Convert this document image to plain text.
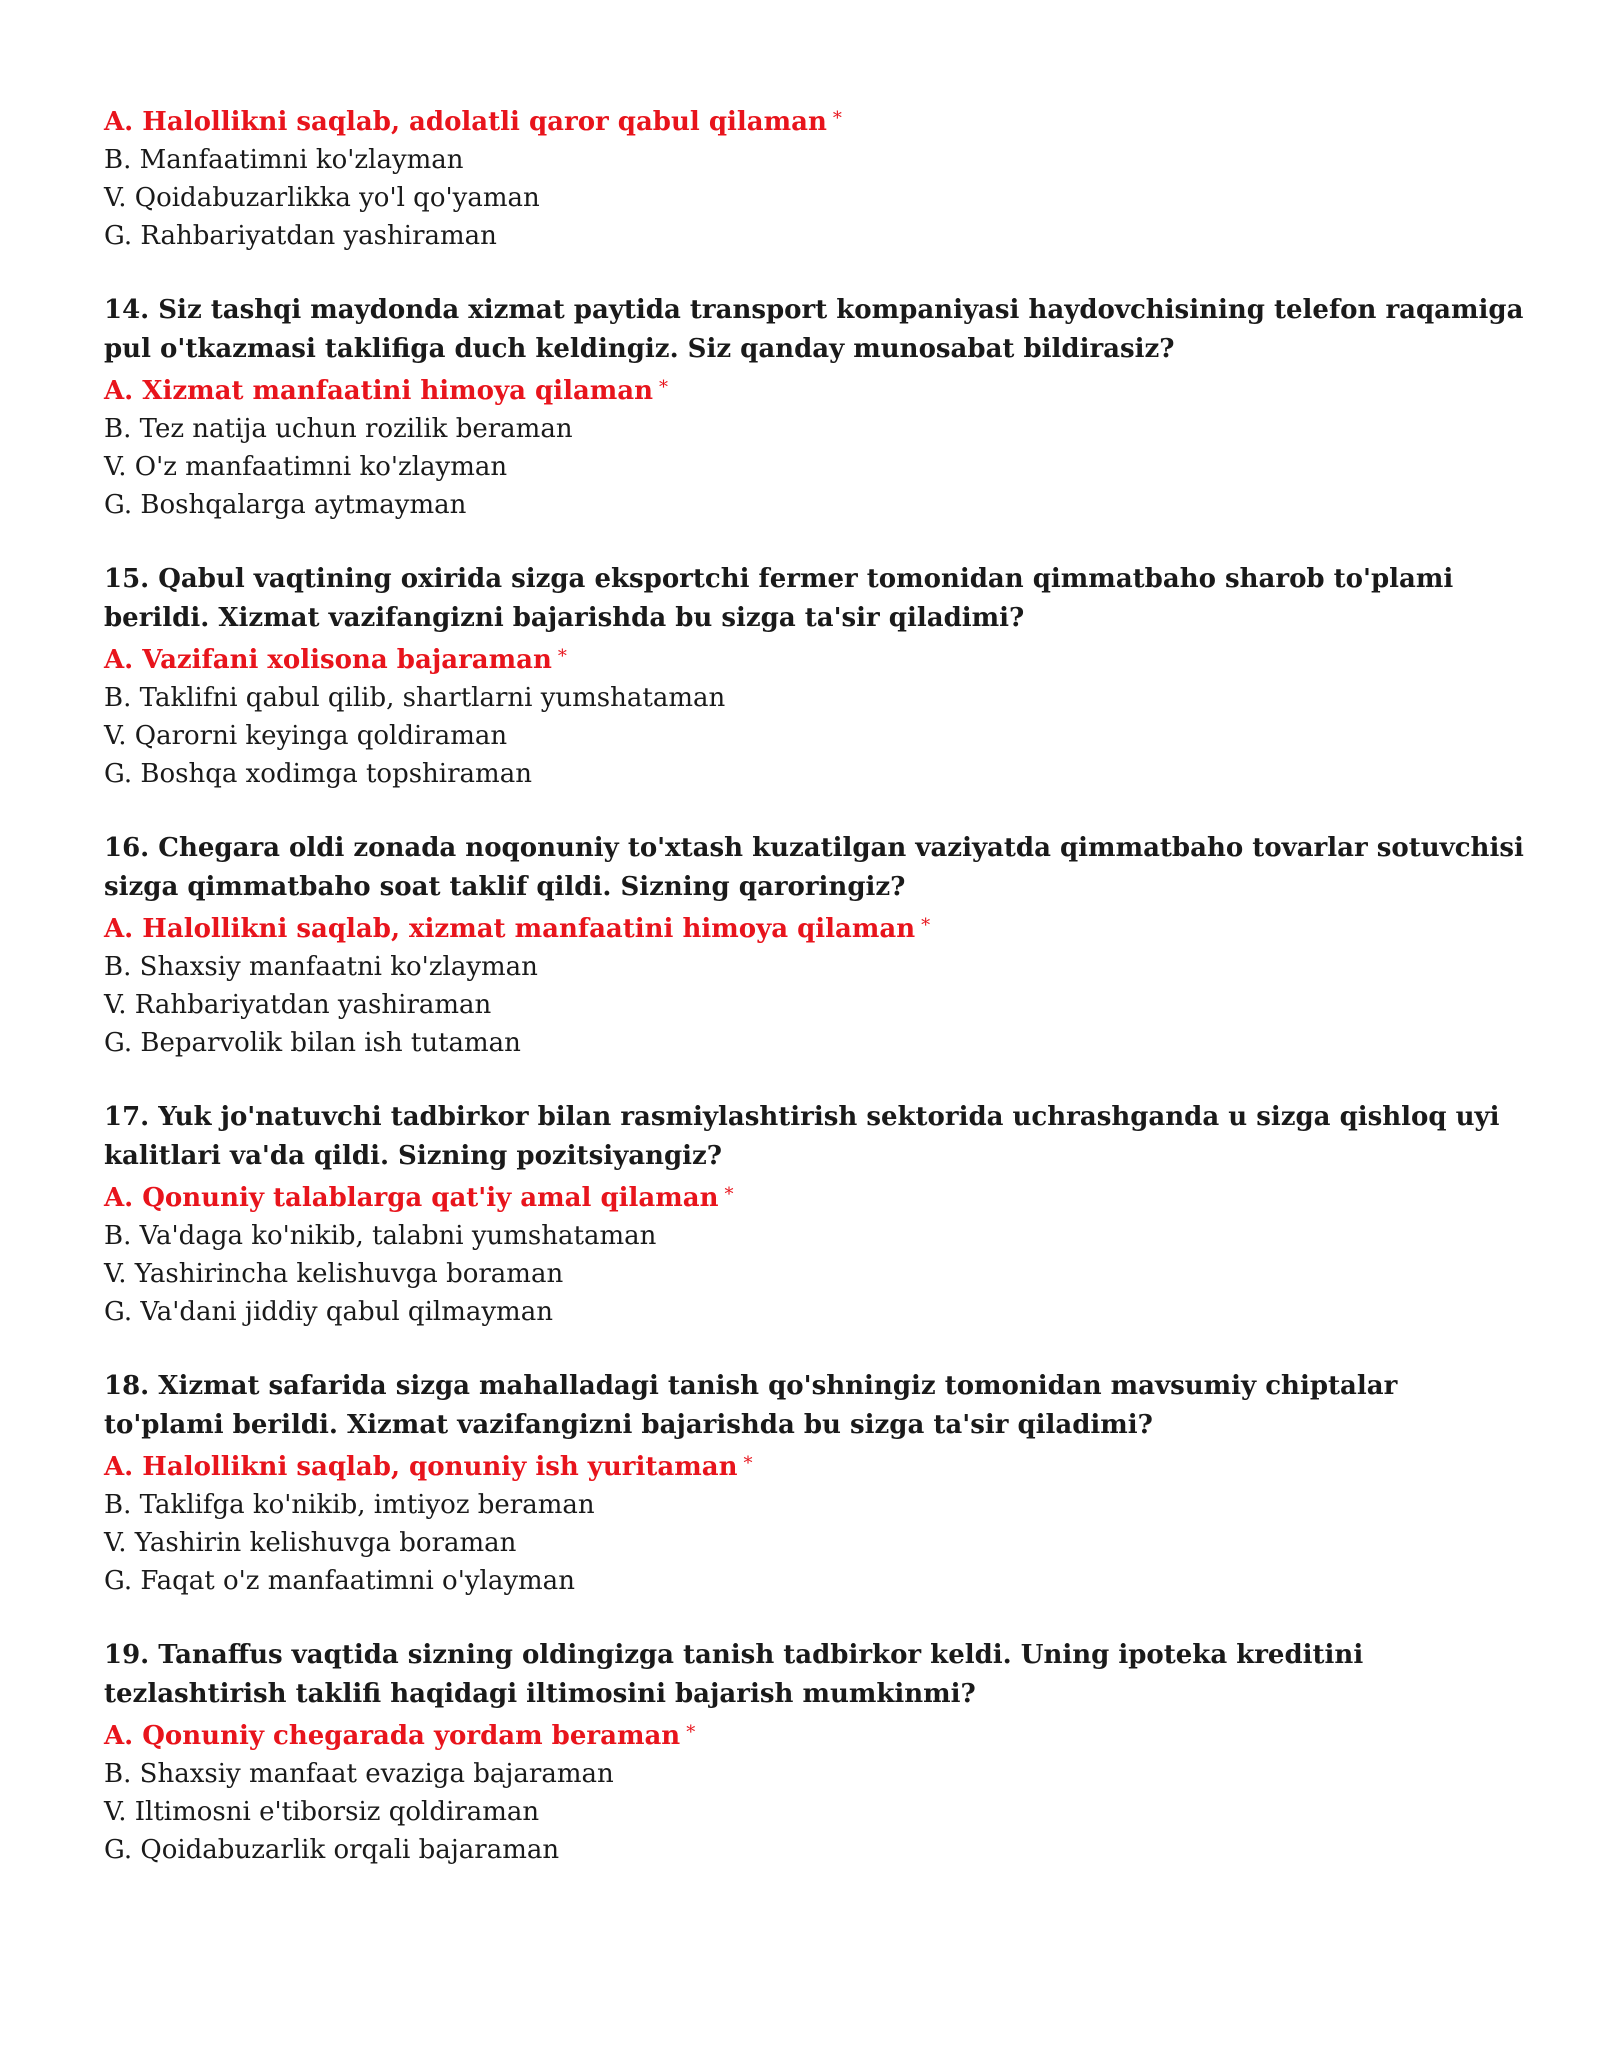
A. Halollikni saqlab, adolatli qaror qabul qilaman *

B. Manfaatimni ko'zlayman

V. Qoidabuzarlikka yo'l qo'yaman

G. Rahbariyatdan yashiraman

14. Siz tashqi maydonda xizmat paytida transport kompaniyasi haydovchisining telefon raqamiga pul o'tkazmasi taklifiga duch keldingiz. Siz qanday munosabat bildirasiz?

A. Xizmat manfaatini himoya qilaman *

B. Tez natija uchun rozilik beraman

V. O'z manfaatimni ko'zlayman

G. Boshqalarga aytmayman

15. Qabul vaqtining oxirida sizga eksportchi fermer tomonidan qimmatbaho sharob to'plami berildi. Xizmat vazifangizni bajarishda bu sizga ta'sir qiladimi?

A. Vazifani xolisona bajaraman *

B. Taklifni qabul qilib, shartlarni yumshataman

V. Qarorni keyinga qoldiraman

G. Boshqa xodimga topshiraman

16. Chegara oldi zonada noqonuniy to'xtash kuzatilgan vaziyatda qimmatbaho tovarlar sotuvchisi sizga qimmatbaho soat taklif qildi. Sizning qaroringiz?

A. Halollikni saqlab, xizmat manfaatini himoya qilaman *

B. Shaxsiy manfaatni ko'zlayman

V. Rahbariyatdan yashiraman

G. Beparvolik bilan ish tutaman

17. Yuk jo'natuvchi tadbirkor bilan rasmiylashtirish sektorida uchrashganda u sizga qishloq uyi kalitlari va'da qildi. Sizning pozitsiyangiz?

A. Qonuniy talablarga qat'iy amal qilaman *

B. Va'daga ko'nikib, talabni yumshataman

V. Yashirincha kelishuvga boraman

G. Va'dani jiddiy qabul qilmayman

18. Xizmat safarida sizga mahalladagi tanish qo'shningiz tomonidan mavsumiy chiptalar to'plami berildi. Xizmat vazifangizni bajarishda bu sizga ta'sir qiladimi?

A. Halollikni saqlab, qonuniy ish yuritaman *

B. Taklifga ko'nikib, imtiyoz beraman

V. Yashirin kelishuvga boraman

G. Faqat o'z manfaatimni o'ylayman

19. Tanaffus vaqtida sizning oldingizga tanish tadbirkor keldi. Uning ipoteka kreditini tezlashtirish taklifi haqidagi iltimosini bajarish mumkinmi?

A. Qonuniy chegarada yordam beraman *

B. Shaxsiy manfaat evaziga bajaraman

V. Iltimosni e'tiborsiz qoldiraman

G. Qoidabuzarlik orqali bajaraman
